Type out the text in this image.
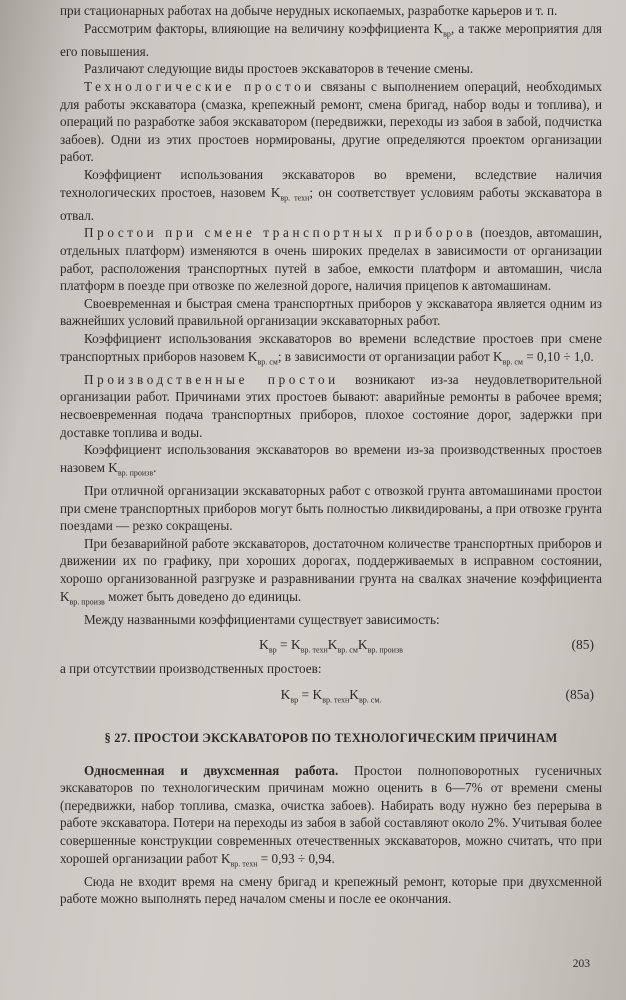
при стационарных работах на добыче нерудных ископаемых, разработке карьеров и т. п.

Рассмотрим факторы, влияющие на величину коэффициента $K_{вр}$, а также мероприятия для его повышения.

Различают следующие виды простоев экскаваторов в течение смены.

Технологические простои связаны с выполнением операций, необходимых для работы экскаватора (смазка, крепежный ремонт, смена бригад, набор воды и топлива), и операций по разработке забоя экскаватором (передвижки, переходы из забоя в забой, подчистка забоев). Одни из этих простоев нормированы, другие определяются проектом организации работ.

Коэффициент использования экскаваторов во времени, вследствие наличия технологических простоев, назовем $K_{вр. техн}$; он соответствует условиям работы экскаватора в отвал.

Простои при смене транспортных приборов (поездов, автомашин, отдельных платформ) изменяются в очень широких пределах в зависимости от организации работ, расположения транспортных путей в забое, емкости платформ и автомашин, числа платформ в поезде при отвозке по железной дороге, наличия прицепов к автомашинам.

Своевременная и быстрая смена транспортных приборов у экскаватора является одним из важнейших условий правильной организации экскаваторных работ.

Коэффициент использования экскаваторов во времени вследствие простоев при смене транспортных приборов назовем $K_{вр. см}$; в зависимости от организации работ $K_{вр. см} = 0,10 \div 1,0$.

Производственные простои возникают из-за неудовлетворительной организации работ. Причинами этих простоев бывают: аварийные ремонты в рабочее время; несвоевременная подача транспортных приборов, плохое состояние дорог, задержки при доставке топлива и воды.

Коэффициент использования экскаваторов во времени из-за производственных простоев назовем $K_{вр. произв}$.

При отличной организации экскаваторных работ с отвозкой грунта автомашинами простои при смене транспортных приборов могут быть полностью ликвидированы, а при отвозке грунта поездами — резко сокращены.

При безаварийной работе экскаваторов, достаточном количестве транспортных приборов и движении их по графику, при хороших дорогах, поддерживаемых в исправном состоянии, хорошо организованной разгрузке и разравнивании грунта на свалках значение коэффициента $K_{вр. произв}$ может быть доведено до единицы.

Между названными коэффициентами существует зависимость:

$K_{вр} = K_{вр. техн}K_{вр. см}K_{вр. произв}$	(85)

а при отсутствии производственных простоев:

$K_{вр} = K_{вр. техн}K_{вр. см.}$	(85а)
§ 27. ПРОСТОИ ЭКСКАВАТОРОВ ПО ТЕХНОЛОГИЧЕСКИМ ПРИЧИНАМ

Односменная и двухсменная работа. Простои полноповоротных гусеничных экскаваторов по технологическим причинам можно оценить в 6—7% от времени смены (передвижки, набор топлива, смазка, очистка забоев). Набирать воду нужно без перерыва в работе экскаватора. Потери на переходы из забоя в забой составляют около 2%. Учитывая более совершенные конструкции современных отечественных экскаваторов, можно считать, что при хорошей организации работ $K_{вр. техн} = 0,93 \div 0,94$.

Сюда не входит время на смену бригад и крепежный ремонт, которые при двухсменной работе можно выполнять перед началом смены и после ее окончания.

203
